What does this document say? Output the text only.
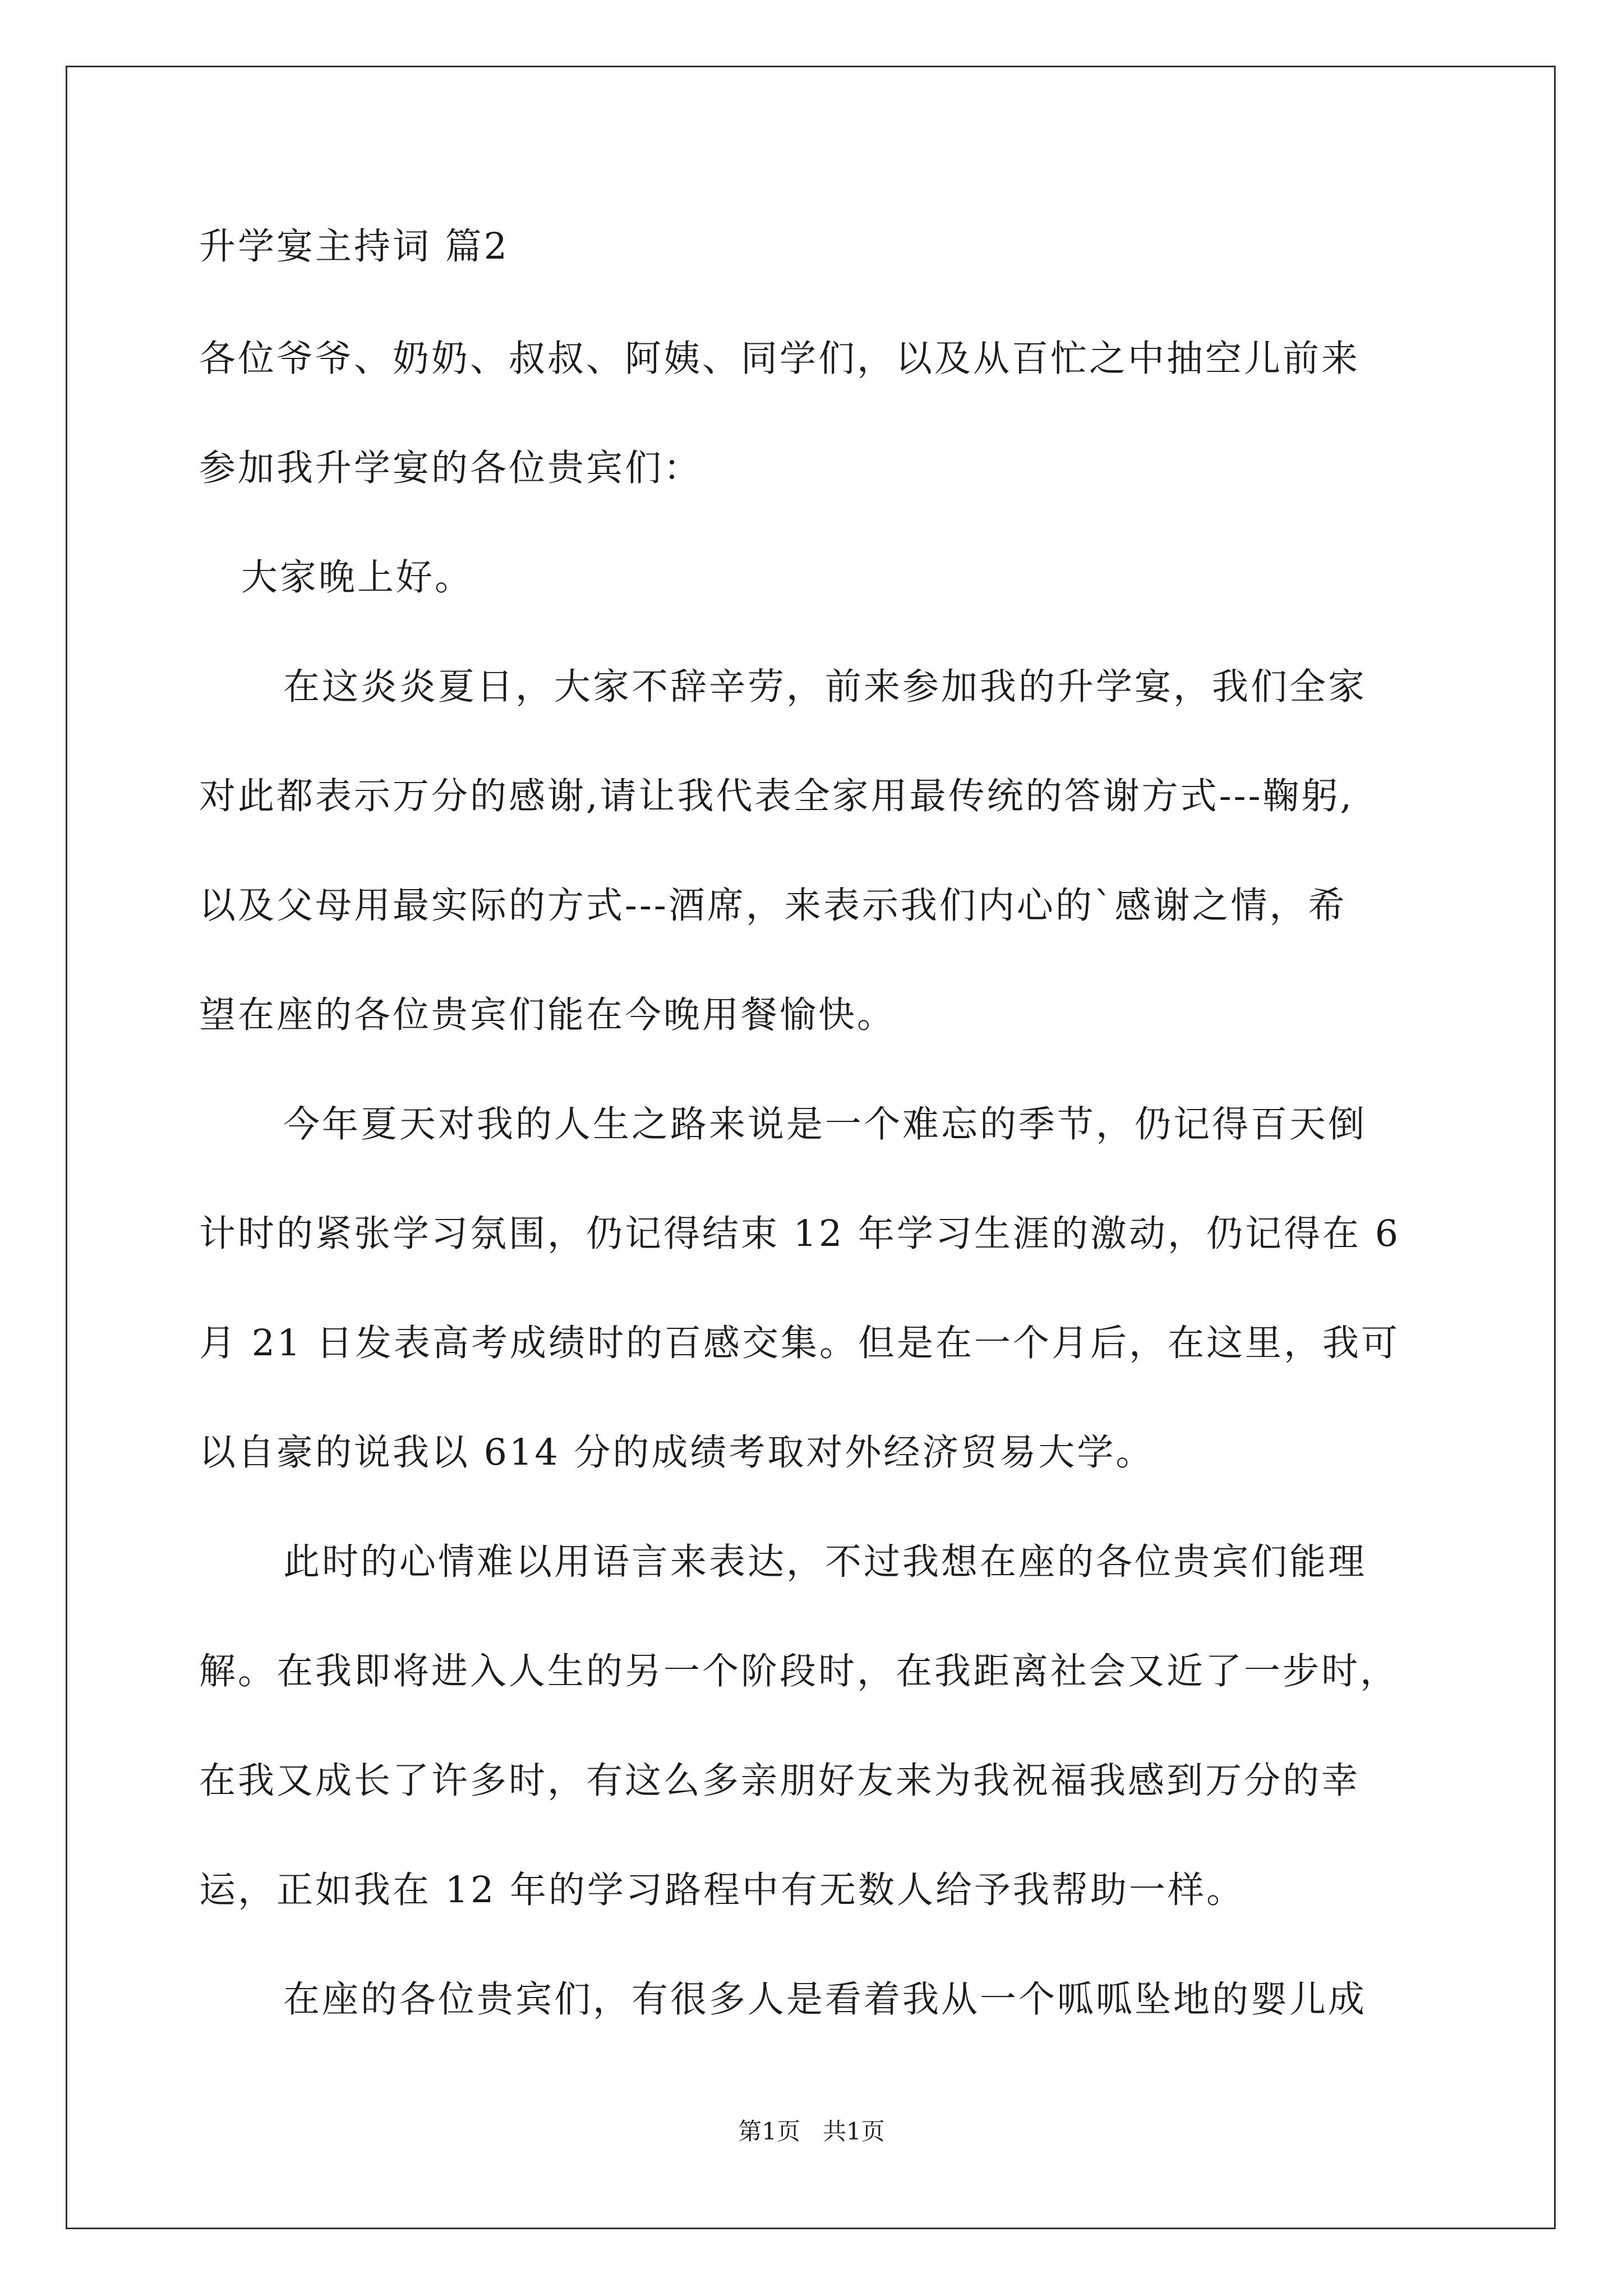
升学宴主持词 篇2
各位爷爷、奶奶、叔叔、阿姨、同学们，以及从百忙之中抽空儿前来
参加我升学宴的各位贵宾们：
大家晚上好。
在这炎炎夏日，大家不辞辛劳，前来参加我的升学宴，我们全家
对此都表示万分的感谢,请让我代表全家用最传统的答谢方式---鞠躬,
以及父母用最实际的方式---酒席，来表示我们内心的`感谢之情，希
望在座的各位贵宾们能在今晚用餐愉快。
今年夏天对我的人生之路来说是一个难忘的季节，仍记得百天倒
计时的紧张学习氛围，仍记得结束 12 年学习生涯的激动，仍记得在 6
月 21 日发表高考成绩时的百感交集。但是在一个月后，在这里，我可
以自豪的说我以 614 分的成绩考取对外经济贸易大学。
此时的心情难以用语言来表达，不过我想在座的各位贵宾们能理
解。在我即将进入人生的另一个阶段时，在我距离社会又近了一步时，
在我又成长了许多时，有这么多亲朋好友来为我祝福我感到万分的幸
运，正如我在 12 年的学习路程中有无数人给予我帮助一样。
在座的各位贵宾们，有很多人是看着我从一个呱呱坠地的婴儿成
第1页   共1页
